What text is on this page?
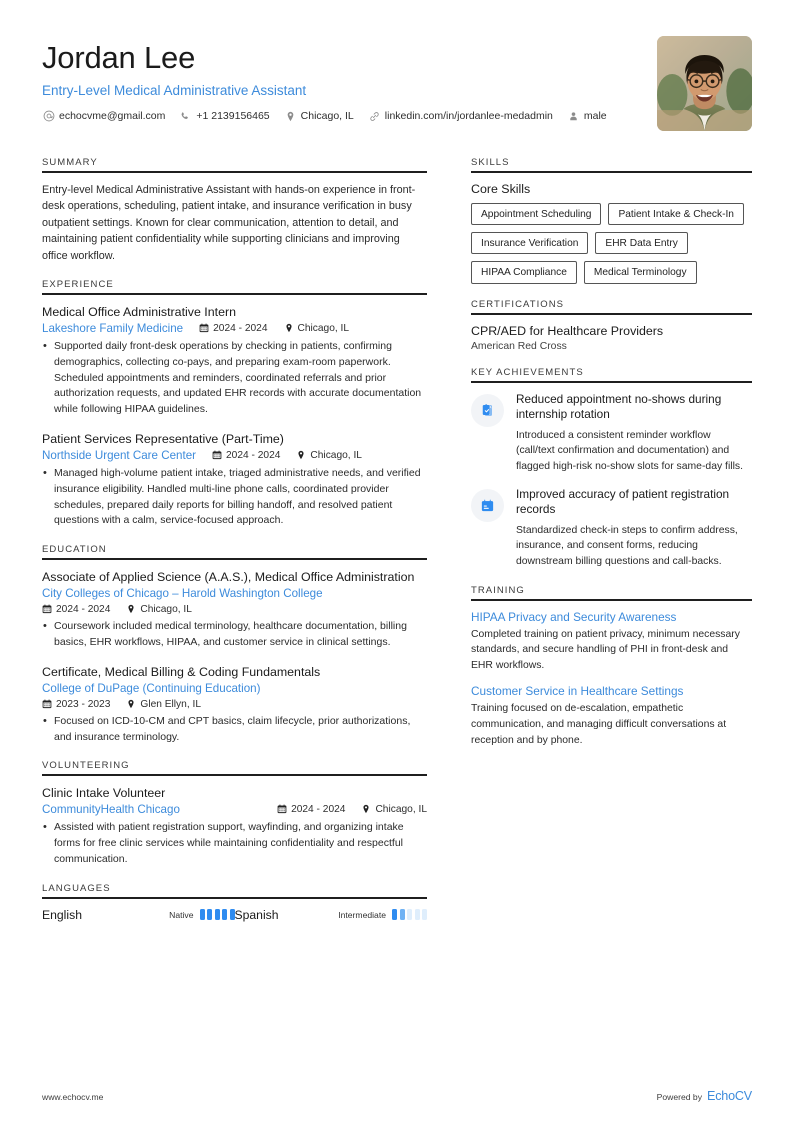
Jordan Lee
Entry-Level Medical Administrative Assistant
echocvme@gmail.com	+1 2139156465	Chicago, IL	linkedin.com/in/jordanlee-medadmin	male
SUMMARY
Entry-level Medical Administrative Assistant with hands-on experience in front-desk operations, scheduling, patient intake, and insurance verification in busy outpatient settings. Known for clear communication, attention to detail, and maintaining patient confidentiality while supporting clinicians and improving office workflow.
EXPERIENCE
Medical Office Administrative Intern
Lakeshore Family Medicine	2024 - 2024	Chicago, IL
• Supported daily front-desk operations by checking in patients, confirming demographics, collecting co-pays, and preparing exam-room paperwork. Scheduled appointments and reminders, coordinated referrals and prior authorization requests, and updated EHR records with accurate documentation while following HIPAA guidelines.
Patient Services Representative (Part-Time)
Northside Urgent Care Center	2024 - 2024	Chicago, IL
• Managed high-volume patient intake, triaged administrative needs, and verified insurance eligibility. Handled multi-line phone calls, coordinated provider schedules, prepared daily reports for billing handoff, and resolved patient questions with a calm, service-focused approach.
EDUCATION
Associate of Applied Science (A.A.S.), Medical Office Administration
City Colleges of Chicago – Harold Washington College
2024 - 2024	Chicago, IL
• Coursework included medical terminology, healthcare documentation, billing basics, EHR workflows, HIPAA, and customer service in clinical settings.
Certificate, Medical Billing & Coding Fundamentals
College of DuPage (Continuing Education)
2023 - 2023	Glen Ellyn, IL
• Focused on ICD-10-CM and CPT basics, claim lifecycle, prior authorizations, and insurance terminology.
VOLUNTEERING
Clinic Intake Volunteer
CommunityHealth Chicago	2024 - 2024	Chicago, IL
• Assisted with patient registration support, wayfinding, and organizing intake forms for free clinic services while maintaining confidentiality and respectful communication.
LANGUAGES
English	Native	Spanish	Intermediate
SKILLS
Core Skills
Appointment Scheduling	Patient Intake & Check-In
Insurance Verification	EHR Data Entry
HIPAA Compliance	Medical Terminology
CERTIFICATIONS
CPR/AED for Healthcare Providers
American Red Cross
KEY ACHIEVEMENTS
Reduced appointment no-shows during internship rotation
Introduced a consistent reminder workflow (call/text confirmation and documentation) and flagged high-risk no-show slots for same-day fills.
Improved accuracy of patient registration records
Standardized check-in steps to confirm address, insurance, and consent forms, reducing downstream billing questions and call-backs.
TRAINING
HIPAA Privacy and Security Awareness
Completed training on patient privacy, minimum necessary standards, and secure handling of PHI in front-desk and EHR workflows.
Customer Service in Healthcare Settings
Training focused on de-escalation, empathetic communication, and managing difficult conversations at reception and by phone.
www.echocv.me	Powered by EchoCV
